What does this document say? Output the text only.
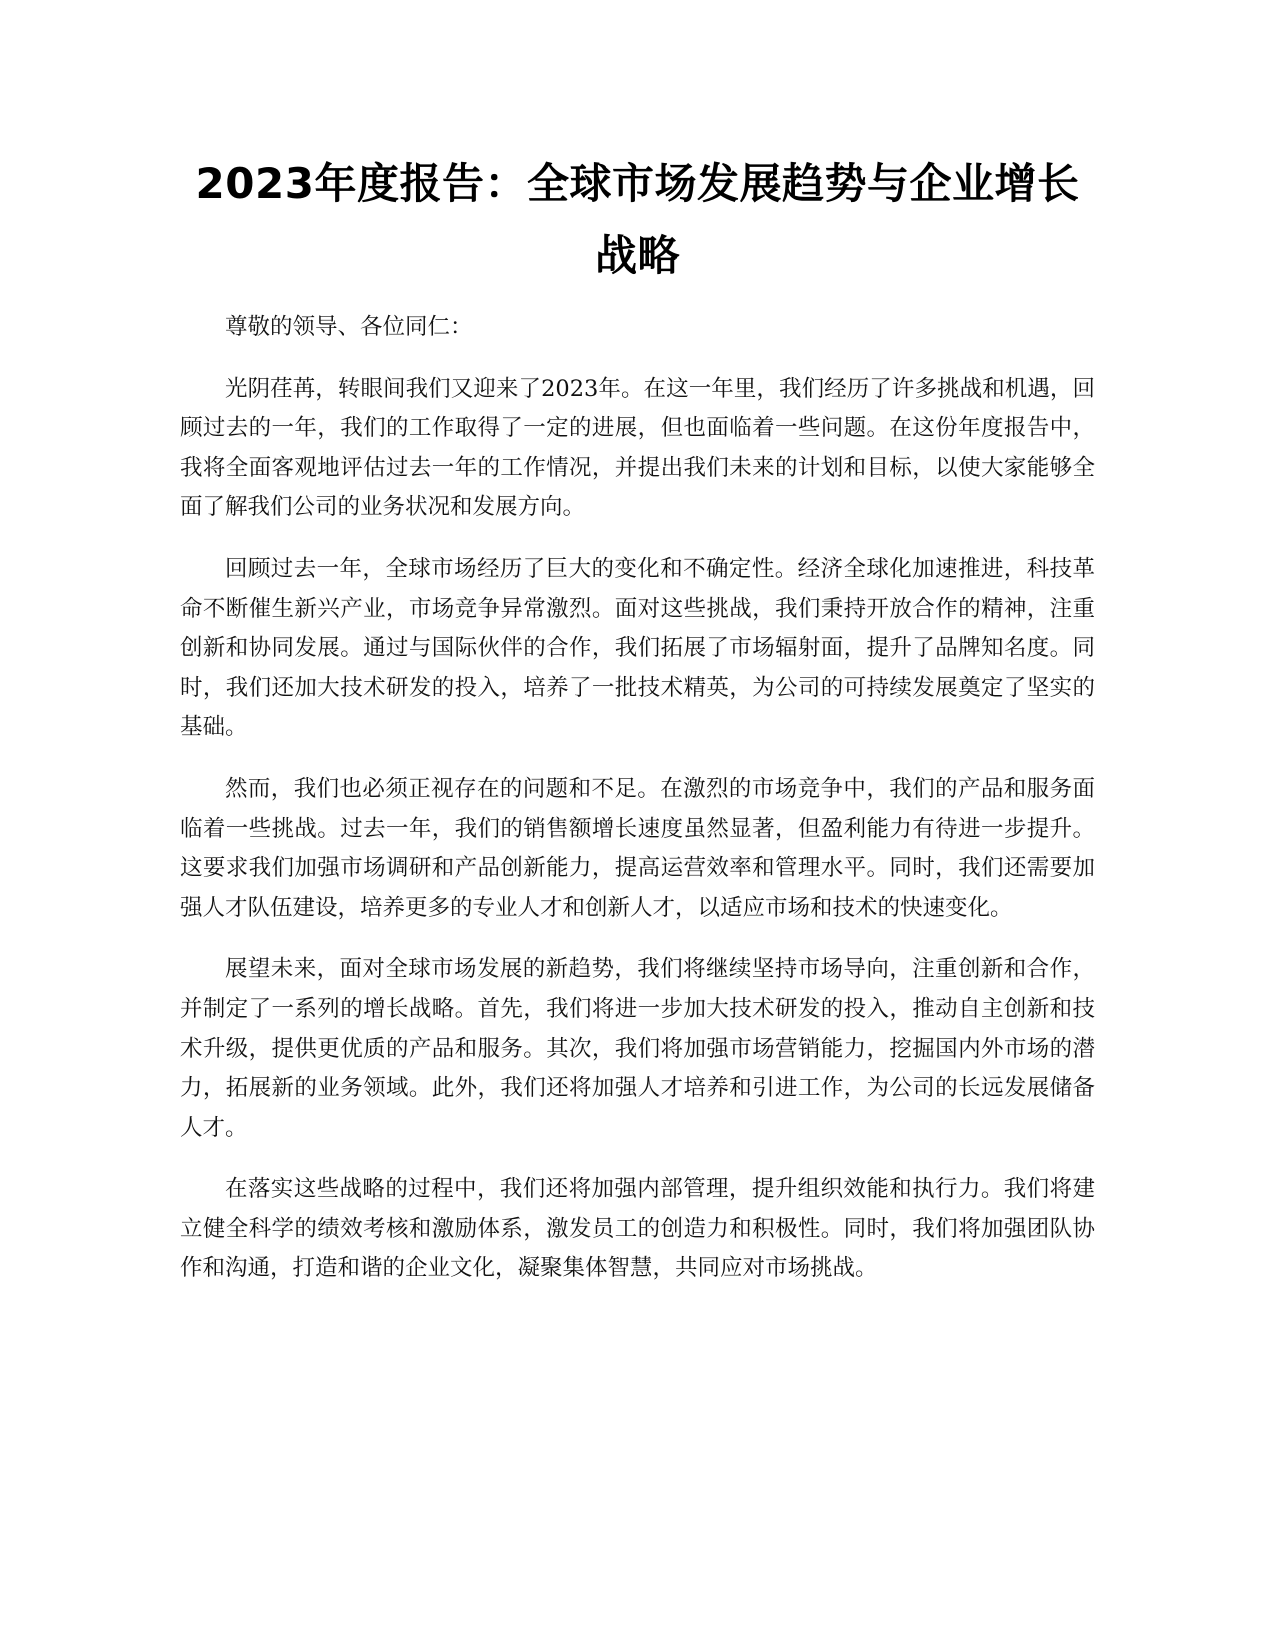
2023年度报告：全球市场发展趋势与企业增长战略

尊敬的领导、各位同仁：

光阴荏苒，转眼间我们又迎来了2023年。在这一年里，我们经历了许多挑战和机遇，回顾过去的一年，我们的工作取得了一定的进展，但也面临着一些问题。在这份年度报告中，我将全面客观地评估过去一年的工作情况，并提出我们未来的计划和目标，以使大家能够全面了解我们公司的业务状况和发展方向。

回顾过去一年，全球市场经历了巨大的变化和不确定性。经济全球化加速推进，科技革命不断催生新兴产业，市场竞争异常激烈。面对这些挑战，我们秉持开放合作的精神，注重创新和协同发展。通过与国际伙伴的合作，我们拓展了市场辐射面，提升了品牌知名度。同时，我们还加大技术研发的投入，培养了一批技术精英，为公司的可持续发展奠定了坚实的基础。

然而，我们也必须正视存在的问题和不足。在激烈的市场竞争中，我们的产品和服务面临着一些挑战。过去一年，我们的销售额增长速度虽然显著，但盈利能力有待进一步提升。这要求我们加强市场调研和产品创新能力，提高运营效率和管理水平。同时，我们还需要加强人才队伍建设，培养更多的专业人才和创新人才，以适应市场和技术的快速变化。

展望未来，面对全球市场发展的新趋势，我们将继续坚持市场导向，注重创新和合作，并制定了一系列的增长战略。首先，我们将进一步加大技术研发的投入，推动自主创新和技术升级，提供更优质的产品和服务。其次，我们将加强市场营销能力，挖掘国内外市场的潜力，拓展新的业务领域。此外，我们还将加强人才培养和引进工作，为公司的长远发展储备人才。

在落实这些战略的过程中，我们还将加强内部管理，提升组织效能和执行力。我们将建立健全科学的绩效考核和激励体系，激发员工的创造力和积极性。同时，我们将加强团队协作和沟通，打造和谐的企业文化，凝聚集体智慧，共同应对市场挑战。
